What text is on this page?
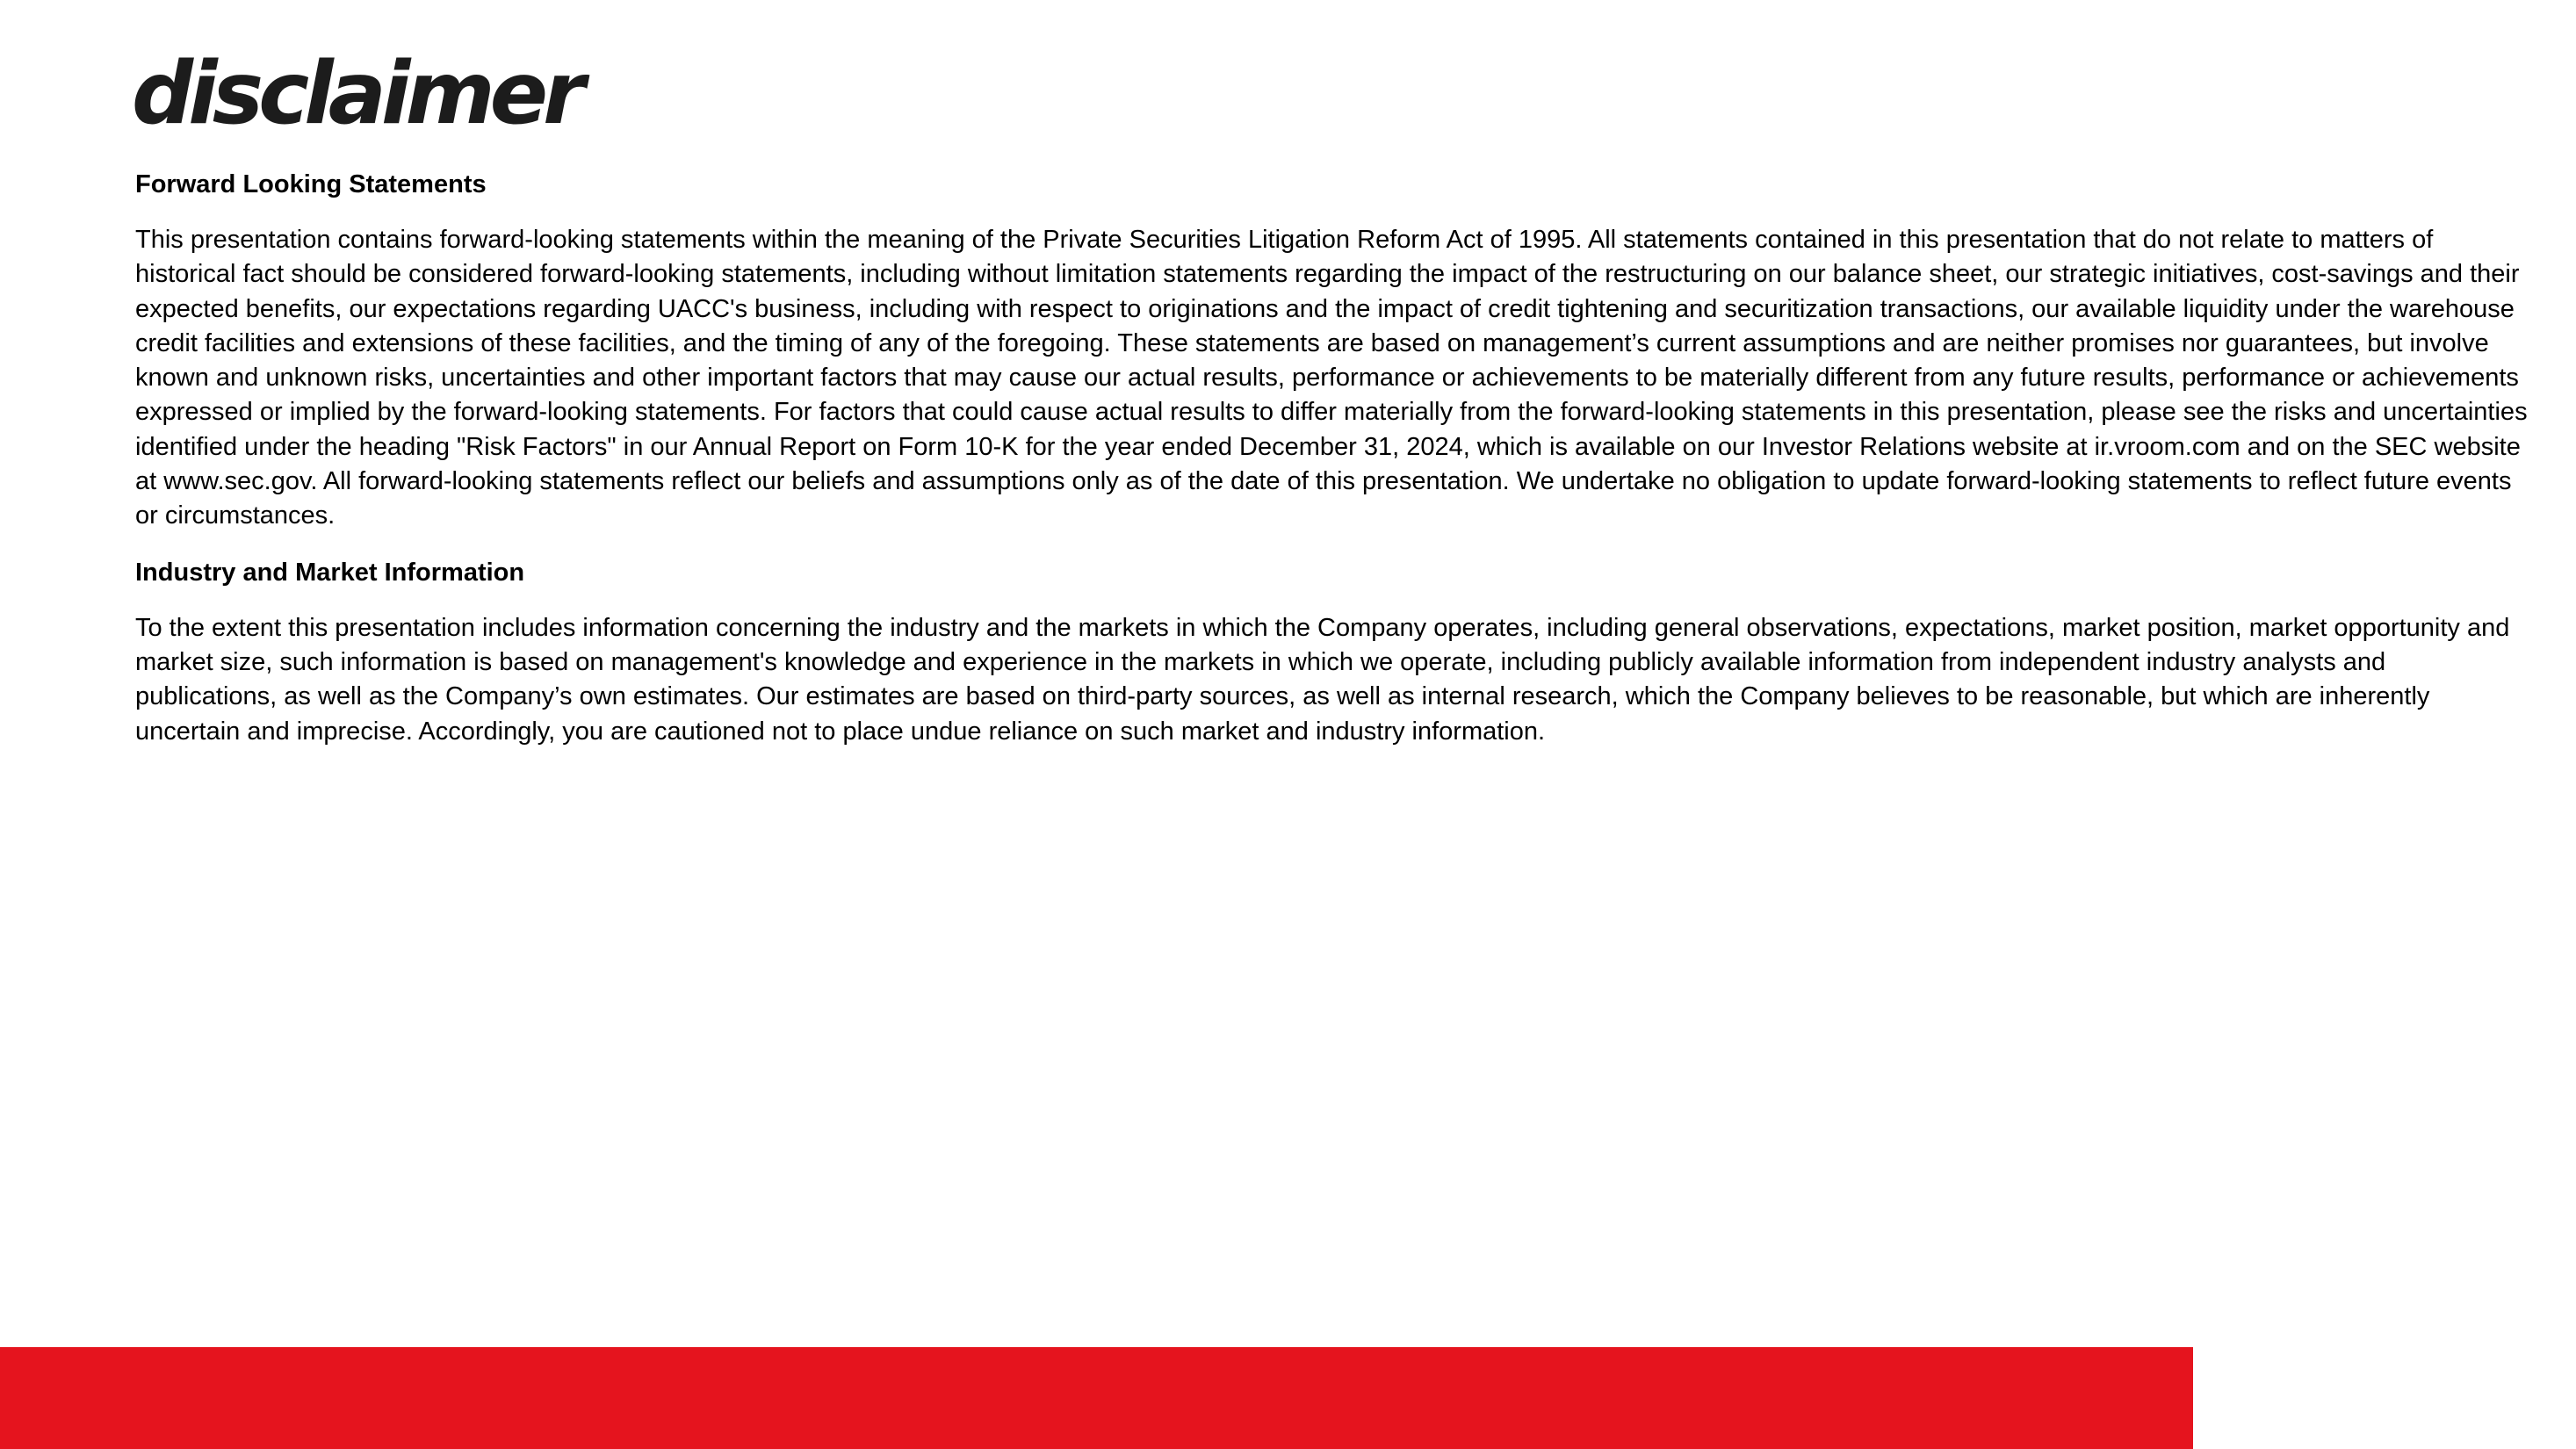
disclaimer
Forward Looking Statements

This presentation contains forward-looking statements within the meaning of the Private Securities Litigation Reform Act of 1995. All statements contained in this presentation that do not relate to matters of historical fact should be considered forward-looking statements, including without limitation statements regarding the impact of the restructuring on our balance sheet, our strategic initiatives, cost-savings and their expected benefits, our expectations regarding UACC's business, including with respect to originations and the impact of credit tightening and securitization transactions, our available liquidity under the warehouse credit facilities and extensions of these facilities, and the timing of any of the foregoing. These statements are based on management’s current assumptions and are neither promises nor guarantees, but involve known and unknown risks, uncertainties and other important factors that may cause our actual results, performance or achievements to be materially different from any future results, performance or achievements expressed or implied by the forward-looking statements. For factors that could cause actual results to differ materially from the forward-looking statements in this presentation, please see the risks and uncertainties identified under the heading "Risk Factors" in our Annual Report on Form 10-K for the year ended December 31, 2024, which is available on our Investor Relations website at ir.vroom.com and on the SEC website at www.sec.gov. All forward-looking statements reflect our beliefs and assumptions only as of the date of this presentation. We undertake no obligation to update forward-looking statements to reflect future events or circumstances.

Industry and Market Information

To the extent this presentation includes information concerning the industry and the markets in which the Company operates, including general observations, expectations, market position, market opportunity and market size, such information is based on management's knowledge and experience in the markets in which we operate, including publicly available information from independent industry analysts and publications, as well as the Company’s own estimates. Our estimates are based on third-party sources, as well as internal research, which the Company believes to be reasonable, but which are inherently uncertain and imprecise. Accordingly, you are cautioned not to place undue reliance on such market and industry information.
